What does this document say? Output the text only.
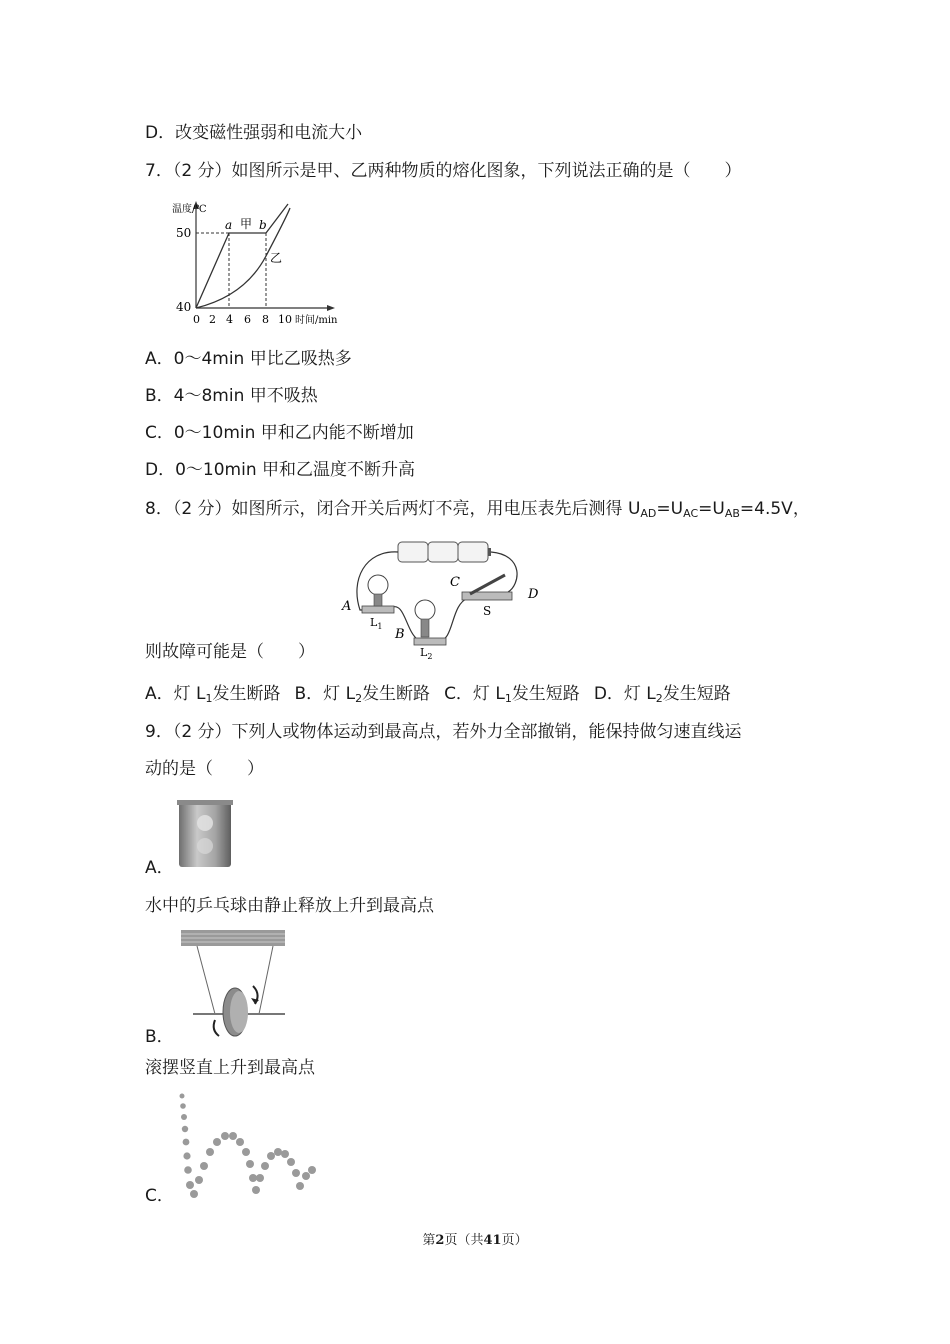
D．改变磁性强弱和电流大小
7．（2 分）如图所示是甲、乙两种物质的熔化图象，下列说法正确的是（　　）
温度/℃
50
40
a b
甲
乙
0 2 4 6 8 10 时间/min
A．0～4min 甲比乙吸热多
B．4～8min 甲不吸热
C．0～10min 甲和乙内能不断增加
D．0～10min 甲和乙温度不断升高
8．（2 分）如图所示，闭合开关后两灯不亮，用电压表先后测得 $U_{AD}=U_{AC}=U_{AB}=4.5V$，
A
B
C
D
S
$L_1$
$L_2$
则故障可能是（　　）
A．灯 $L_1$发生断路 B．灯 $L_2$发生断路 C．灯 $L_1$发生短路 D．灯 $L_2$发生短路
9．（2 分）下列人或物体运动到最高点，若外力全部撤销，能保持做匀速直线运
动的是（　　）
A．
水中的乒乓球由静止释放上升到最高点
B．
滚摆竖直上升到最高点
C．
第2页（共41页）
